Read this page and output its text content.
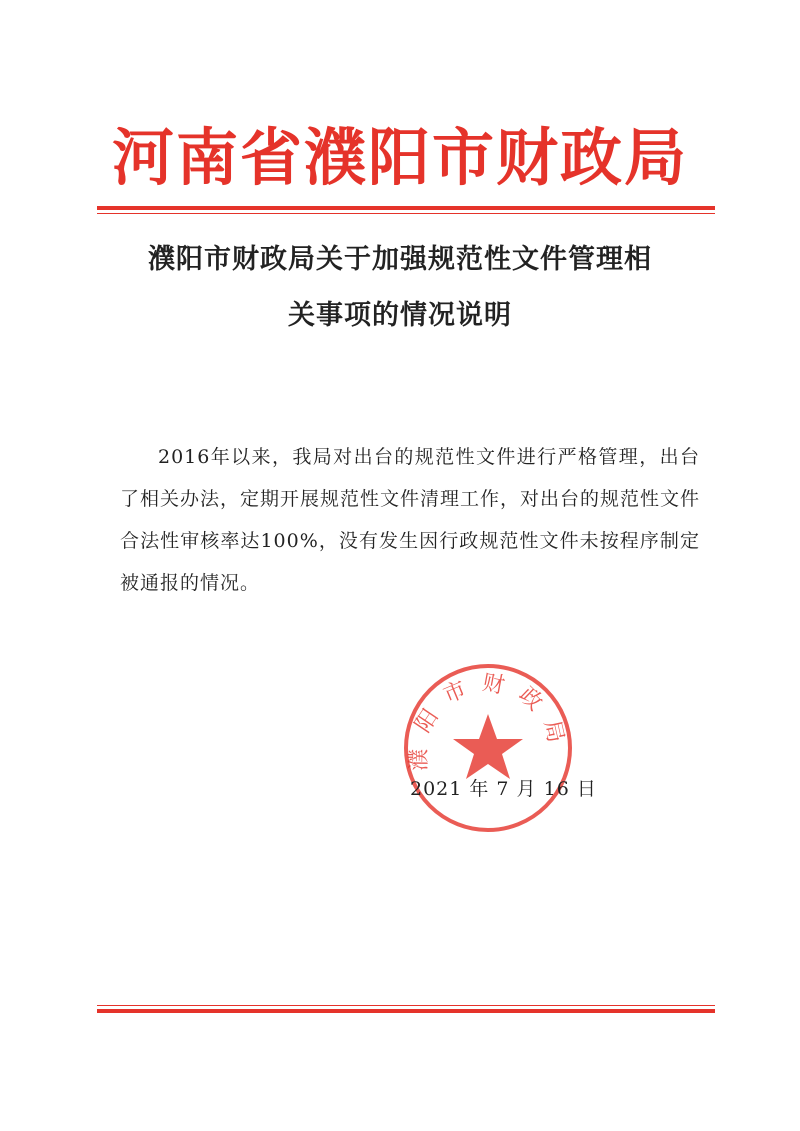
河南省濮阳市财政局
濮阳市财政局关于加强规范性文件管理相
关事项的情况说明
2016年以来，我局对出台的规范性文件进行严格管理，出台了相关办法，定期开展规范性文件清理工作，对出台的规范性文件合法性审核率达100%，没有发生因行政规范性文件未按程序制定被通报的情况。
濮阳市财政局
2021 年 7 月 16 日
